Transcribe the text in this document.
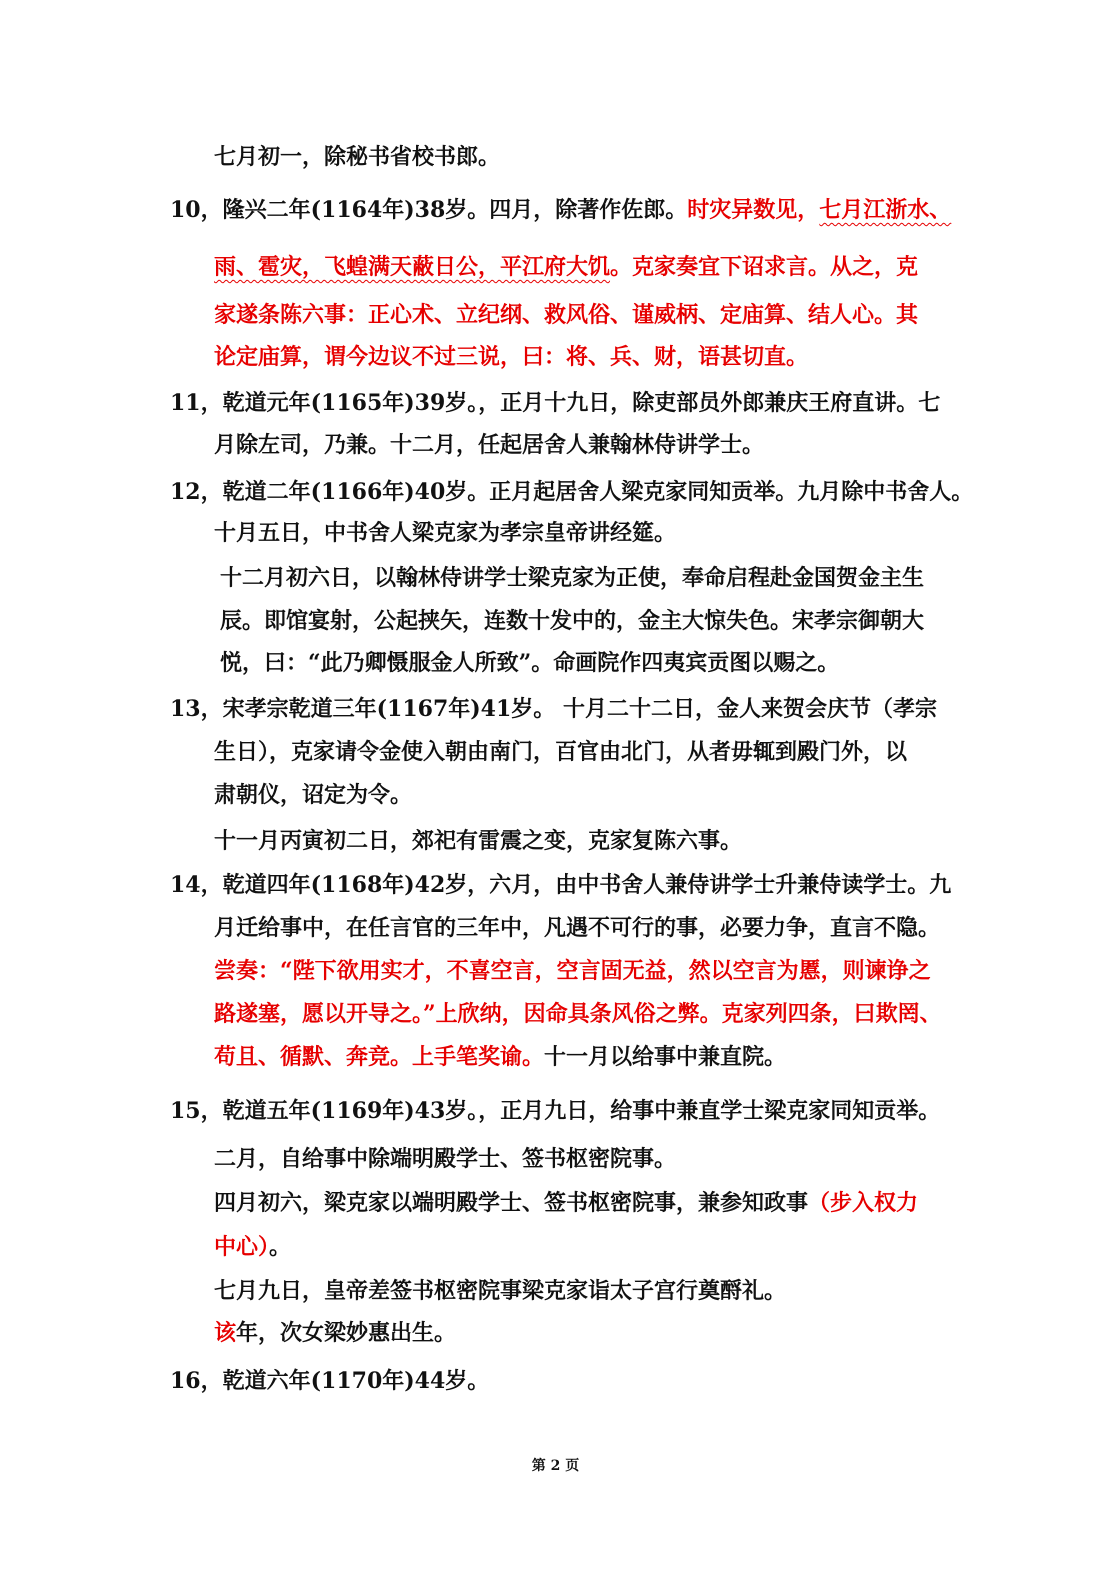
七月初一，除秘书省校书郎。
10，隆兴二年(1164年)38岁。四月，除著作佐郎。时灾异数见，七月江浙水、
雨、雹灾，飞蝗满天蔽日公，平江府大饥。克家奏宜下诏求言。从之，克
家遂条陈六事：正心术、立纪纲、救风俗、谨威柄、定庙算、结人心。其
论定庙算，谓今边议不过三说，曰：将、兵、财，语甚切直。
11，乾道元年(1165年)39岁。，正月十九日，除吏部员外郎兼庆王府直讲。七
月除左司，乃兼。十二月，任起居舍人兼翰林侍讲学士。
12，乾道二年(1166年)40岁。正月起居舍人梁克家同知贡举。九月除中书舍人。
十月五日，中书舍人梁克家为孝宗皇帝讲经筵。
十二月初六日，以翰林侍讲学士梁克家为正使，奉命启程赴金国贺金主生
辰。即馆宴射，公起挟矢，连数十发中的，金主大惊失色。宋孝宗御朝大
悦，曰：“此乃卿慑服金人所致”。命画院作四夷宾贡图以赐之。
13，宋孝宗乾道三年(1167年)41岁。 十月二十二日，金人来贺会庆节（孝宗
生日），克家请令金使入朝由南门，百官由北门，从者毋辄到殿门外，以
肃朝仪，诏定为令。
十一月丙寅初二日，郊祀有雷震之变，克家复陈六事。
14，乾道四年(1168年)42岁，六月，由中书舍人兼侍讲学士升兼侍读学士。九
月迁给事中，在任言官的三年中，凡遇不可行的事，必要力争，直言不隐。
尝奏：“陛下欲用实才，不喜空言，空言固无益，然以空言为慝，则谏诤之
路遂塞，愿以开导之。”上欣纳，因命具条风俗之弊。克家列四条，曰欺罔、
苟且、循默、奔竞。上手笔奖谕。十一月以给事中兼直院。
15，乾道五年(1169年)43岁。，正月九日，给事中兼直学士梁克家同知贡举。
二月，自给事中除端明殿学士、签书枢密院事。
四月初六，梁克家以端明殿学士、签书枢密院事，兼参知政事（步入权力
中心）。
七月九日，皇帝差签书枢密院事梁克家诣太子宫行奠酹礼。
该年，次女梁妙惠出生。
16，乾道六年(1170年)44岁。
第 2 页
